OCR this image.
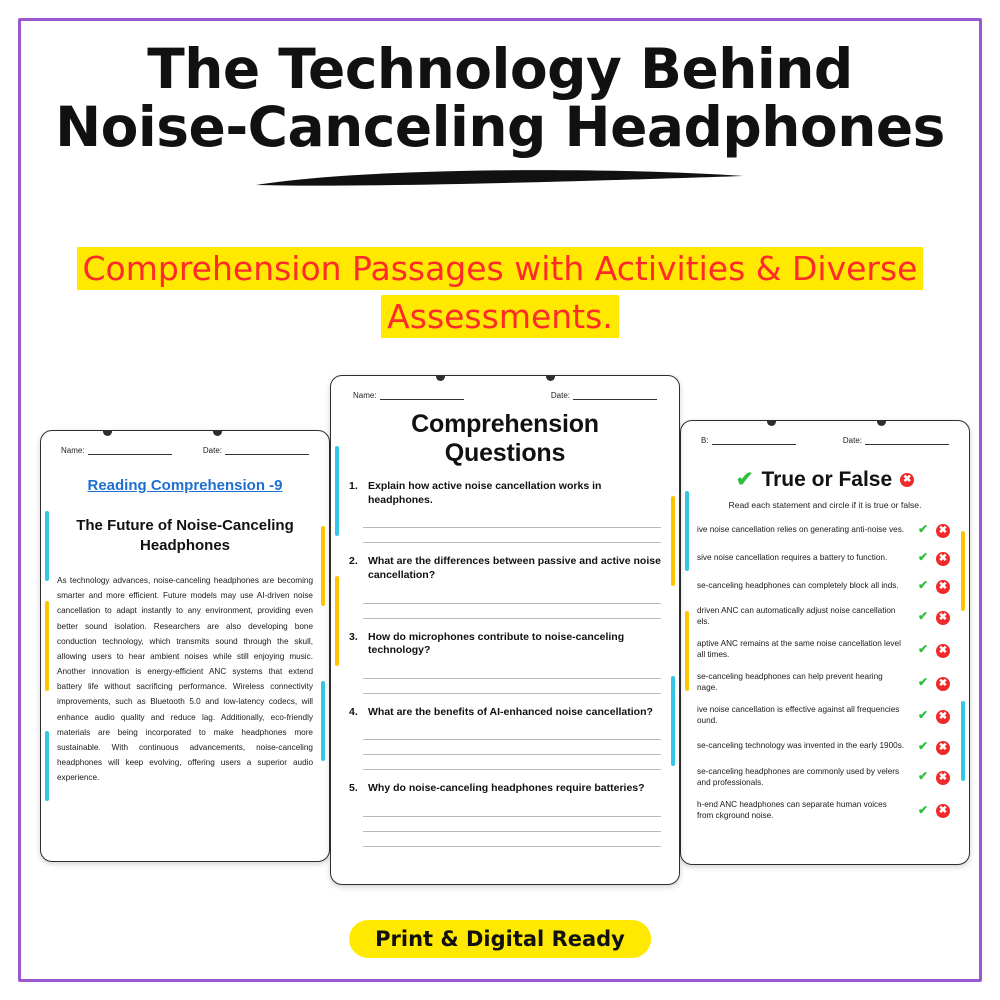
The Technology Behind Noise-Canceling Headphones
Comprehension Passages with Activities & Diverse Assessments.
Name:	Date:
Reading Comprehension -9
The Future of Noise-Canceling Headphones
As technology advances, noise-canceling headphones are becoming smarter and more efficient. Future models may use AI-driven noise cancellation to adapt instantly to any environment, providing even better sound isolation. Researchers are also developing bone conduction technology, which transmits sound through the skull, allowing users to hear ambient noises while still enjoying music. Another innovation is energy-efficient ANC systems that extend battery life without sacrificing performance. Wireless connectivity improvements, such as Bluetooth 5.0 and low-latency codecs, will enhance audio quality and reduce lag. Additionally, eco-friendly materials are being incorporated to make headphones more sustainable. With continuous advancements, noise-canceling headphones will keep evolving, offering users a superior audio experience.
Name:	Date:
Comprehension Questions
1. Explain how active noise cancellation works in headphones.
2. What are the differences between passive and active noise cancellation?
3. How do microphones contribute to noise-canceling technology?
4. What are the benefits of AI-enhanced noise cancellation?
5. Why do noise-canceling headphones require batteries?
B:	Date:
✔ True or False ✖
Read each statement and circle if it is true or false.
ive noise cancellation relies on generating anti-noise ves.	✔	✖
sive noise cancellation requires a battery to function.	✔	✖
se-canceling headphones can completely block all inds.	✔	✖
driven ANC can automatically adjust noise cancellation els.	✔	✖
aptive ANC remains at the same noise cancellation level all times.	✔	✖
se-canceling headphones can help prevent hearing nage.	✔	✖
ive noise cancellation is effective against all frequencies ound.	✔	✖
se-canceling technology was invented in the early 1900s.	✔	✖
se-canceling headphones are commonly used by velers and professionals.	✔	✖
h-end ANC headphones can separate human voices from ckground noise.	✔	✖
Print & Digital Ready
